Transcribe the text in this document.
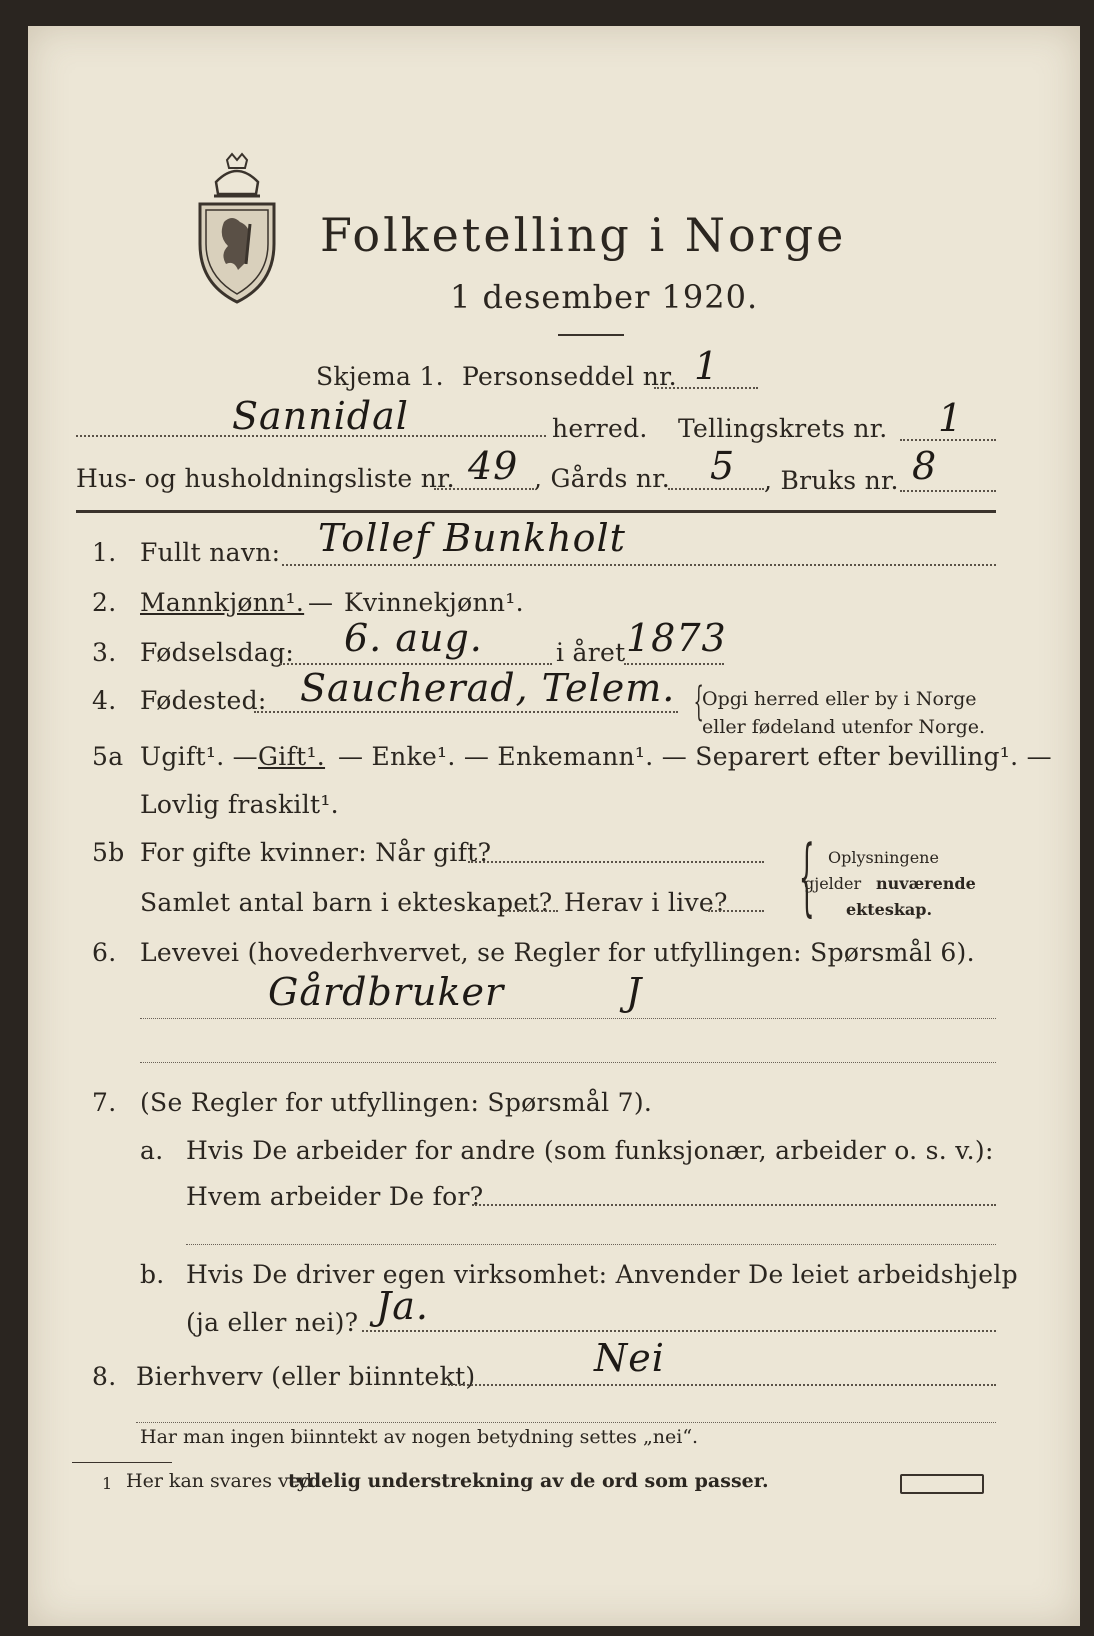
Folketelling i Norge
1 desember 1920.
Skjema 1. Personseddel nr. 1
Sannidal	herred. Tellingskrets nr. 1
Hus- og husholdningsliste nr. 49 , Gårds nr. 5 , Bruks nr. 8
1. Fullt navn: Tollef Bunkholt
2. Mannkjønn¹. — Kvinnekjønn¹.
3. Fødselsdag: 6. aug.	i året 1873
4. Fødested: Saucherad, Telem. {
Opgi herred eller by i Norge
eller fødeland utenfor Norge.
5a Ugift¹. — Gift¹. — Enke¹. — Enkemann¹. — Separert efter bevilling¹. —
Lovlig fraskilt¹.
5b For gifte kvinner: Når gift?
Samlet antal barn i ekteskapet? Herav i live? { Oplysningene
gjelder nuværende
ekteskap.
6. Levevei (hovederhvervet, se Regler for utfyllingen: Spørsmål 6).
Gårdbruker	J
7. (Se Regler for utfyllingen: Spørsmål 7).
a. Hvis De arbeider for andre (som funksjonær, arbeider o. s. v.):
Hvem arbeider De for?
b. Hvis De driver egen virksomhet: Anvender De leiet arbeidshjelp
(ja eller nei)? Ja.
8. Bierhverv (eller biinntekt)	Nei
Har man ingen biinntekt av nogen betydning settes „nei“.
1 Her kan svares ved
tydelig understrekning av de ord som passer.
